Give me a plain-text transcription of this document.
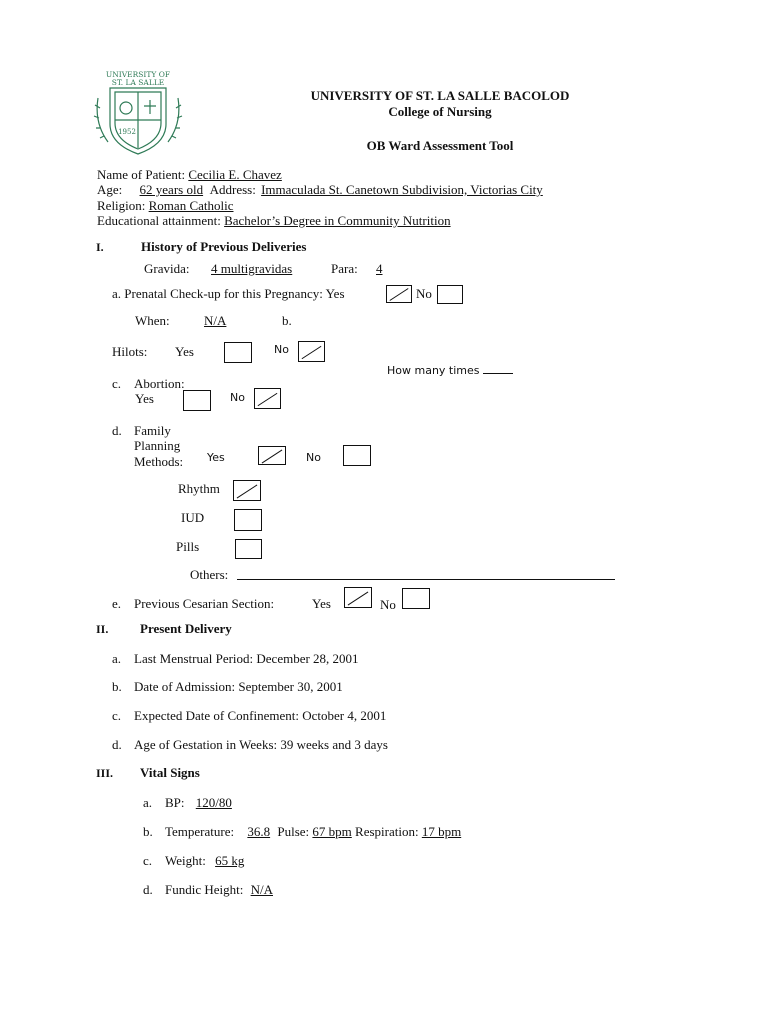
UNIVERSITY OF
ST. LA SALLE
1952
UNIVERSITY OF ST. LA SALLE BACOLOD
College of Nursing
OB Ward Assessment Tool
Name of Patient: Cecilia E. Chavez
Age: 62 years old Address: Immaculada St. Canetown Subdivision, Victorias City
Religion: Roman Catholic
Educational attainment: Bachelor’s Degree in Community Nutrition
I.	History of Previous Deliveries
Gravida: 4 multigravidas	Para:	4
a. Prenatal Check-up for this Pregnancy: Yes	No
When:	N/A	b.
Hilots: Yes	No
How many times
c. Abortion:
Yes	No
d. Family
Planning
Methods: Yes	No
Rhythm
IUD
Pills
Others:
e. Previous Cesarian Section:	Yes	No
II. Present Delivery
a. Last Menstrual Period: December 28, 2001
b. Date of Admission: September 30, 2001
c. Expected Date of Confinement: October 4, 2001
d. Age of Gestation in Weeks: 39 weeks and 3 days
III. Vital Signs
a. BP: 120/80
b. Temperature: 36.8 Pulse: 67 bpm Respiration: 17 bpm
c. Weight: 65 kg
d. Fundic Height: N/A
